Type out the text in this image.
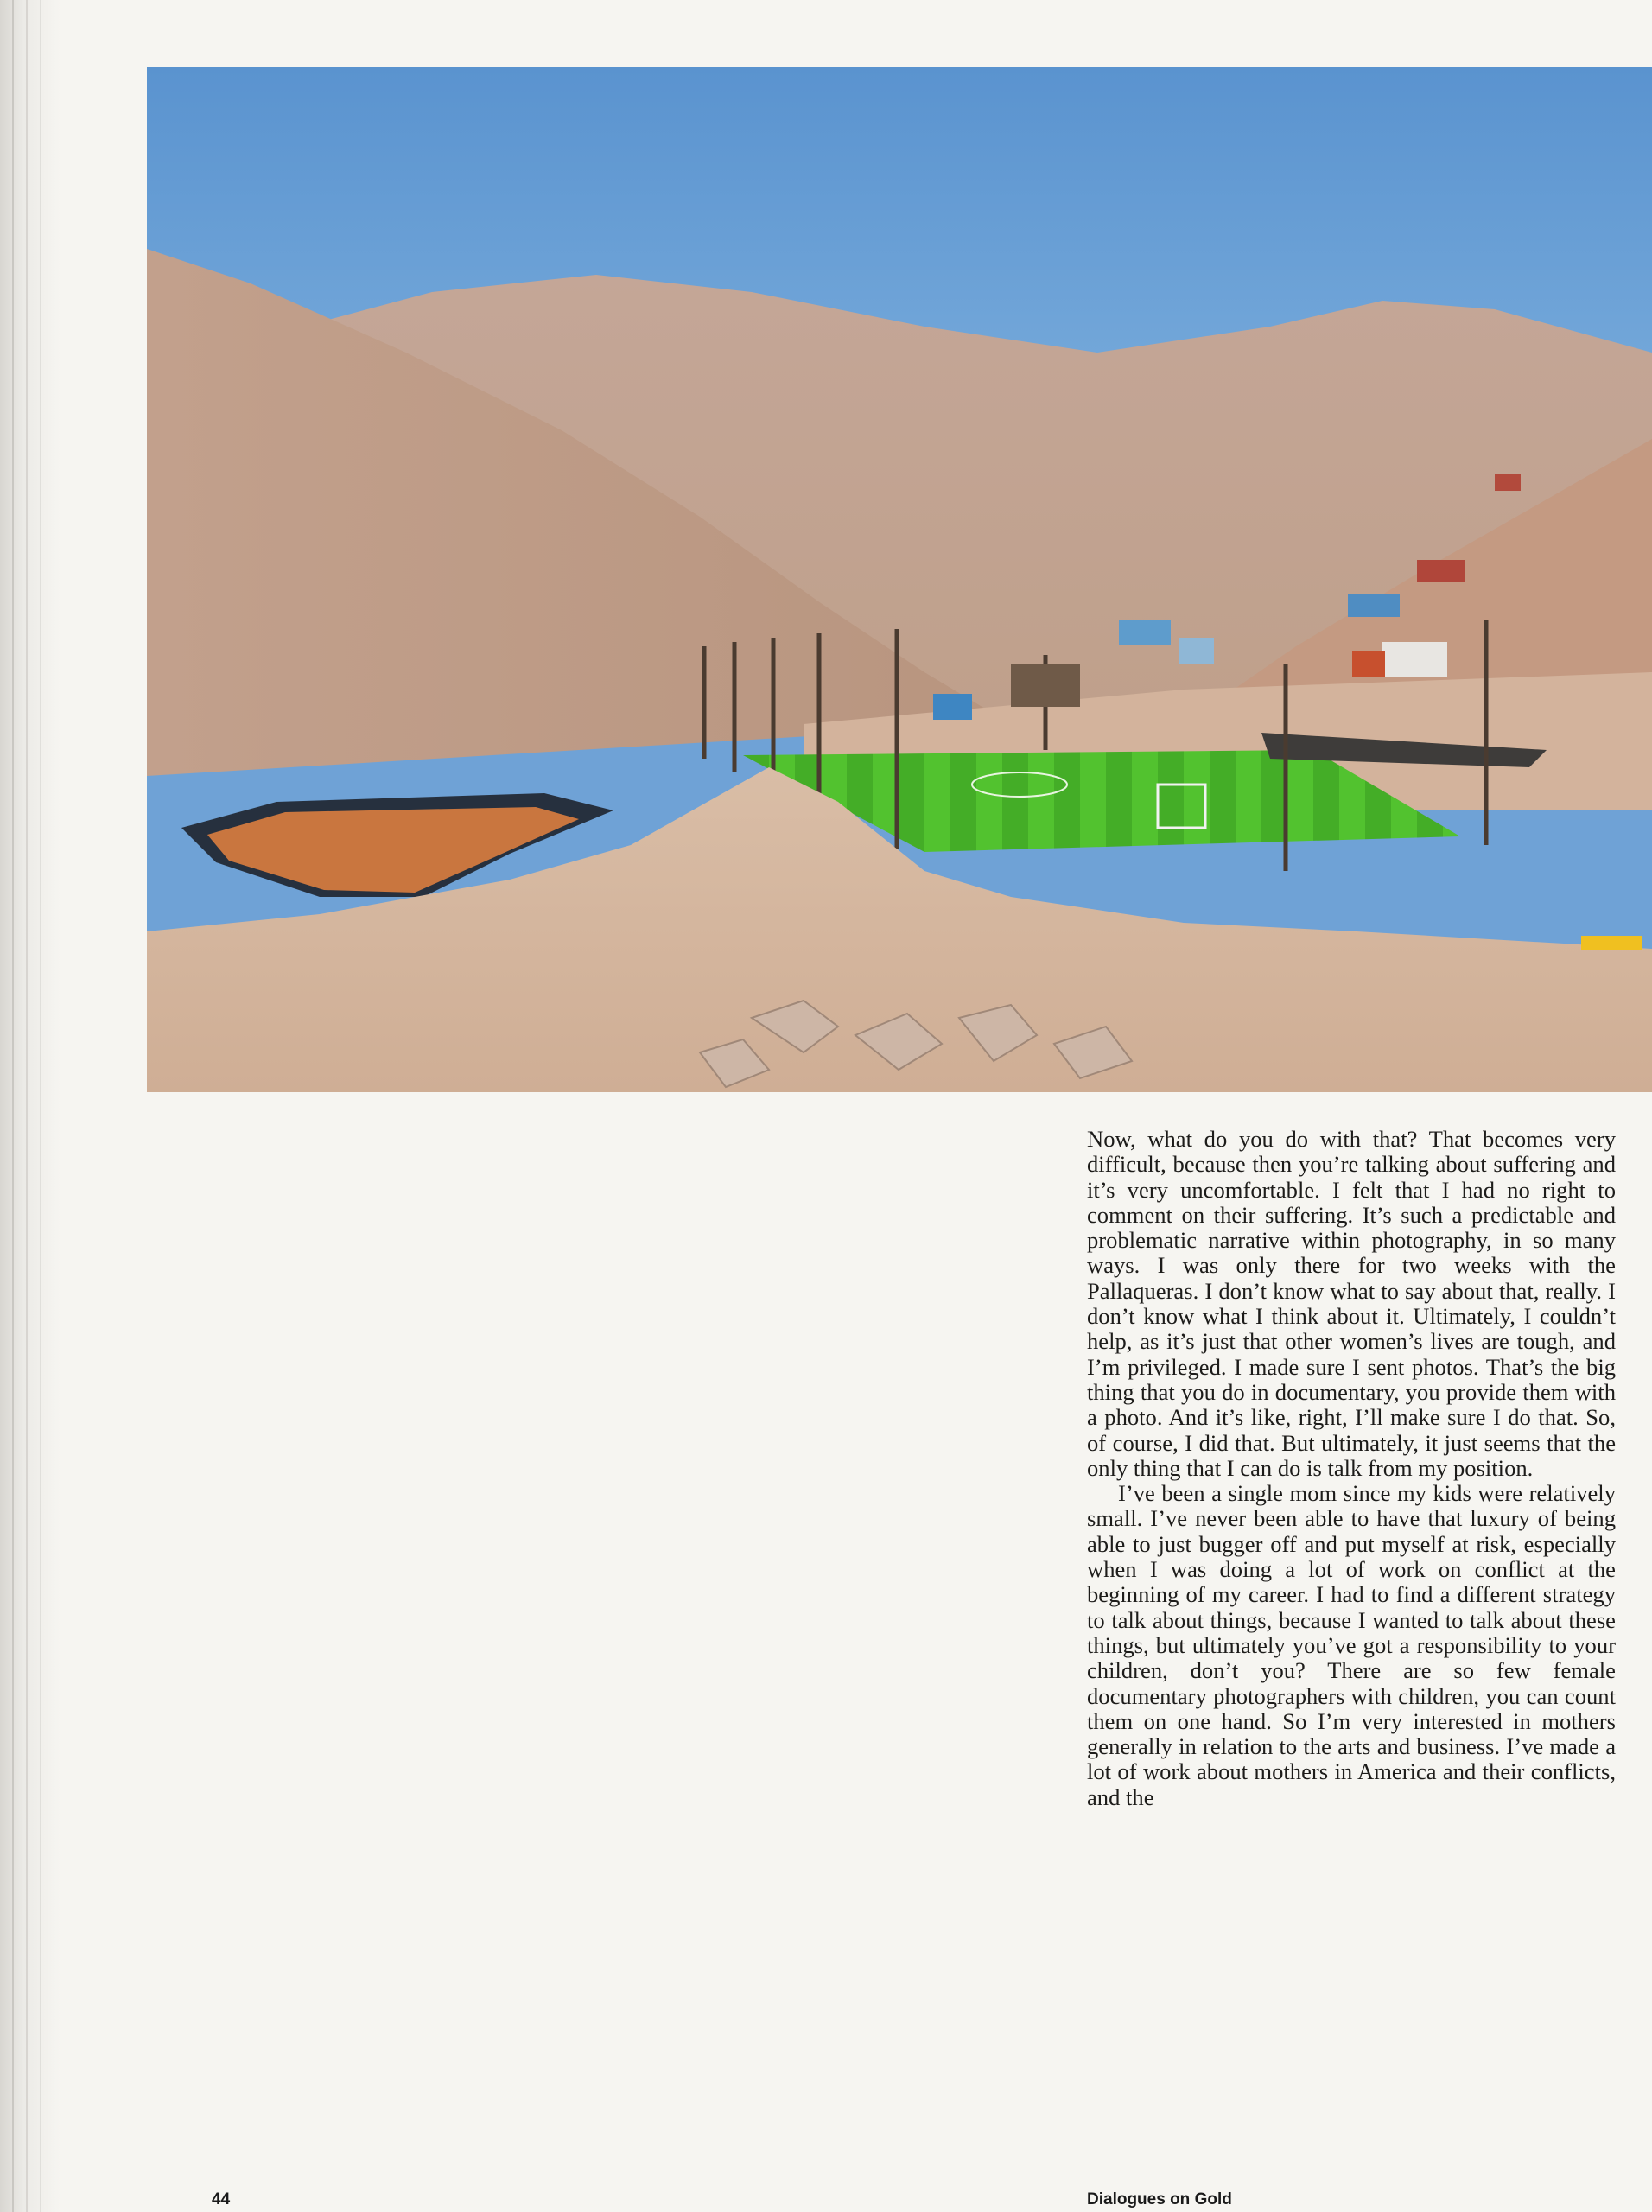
Now, what do you do with that? That becomes very difficult, because then you’re talking about suffering and it’s very uncomfortable. I felt that I had no right to comment on their suffering. It’s such a predictable and problematic narrative within photography, in so many ways. I was only there for two weeks with the Pallaqueras. I don’t know what to say about that, really. I don’t know what I think about it. Ultimately, I couldn’t help, as it’s just that other women’s lives are tough, and I’m privileged. I made sure I sent photos. That’s the big thing that you do in documentary, you provide them with a photo. And it’s like, right, I’ll make sure I do that. So, of course, I did that. But ultimately, it just seems that the only thing that I can do is talk from my position.

I’ve been a single mom since my kids were relatively small. I’ve never been able to have that luxury of being able to just bugger off and put myself at risk, especially when I was doing a lot of work on conflict at the beginning of my career. I had to find a different strategy to talk about things, because I wanted to talk about these things, but ultimately you’ve got a responsibility to your children, don’t you? There are so few female documentary photographers with children, you can count them on one hand. So I’m very interested in mothers generally in relation to the arts and business. I’ve made a lot of work about mothers in America and their conflicts, and the

44	Dialogues on Gold
